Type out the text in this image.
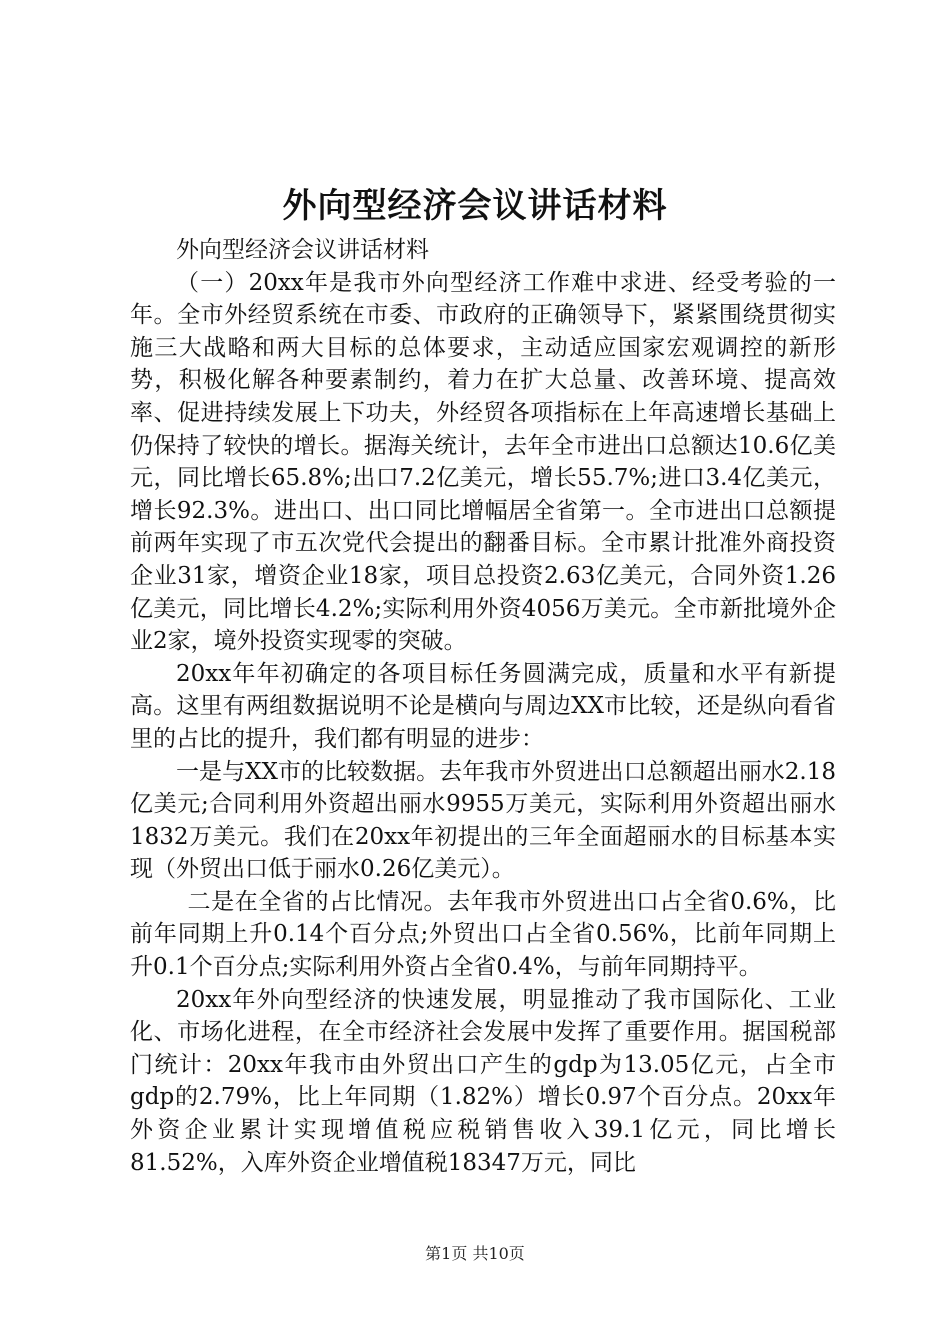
外向型经济会议讲话材料

外向型经济会议讲话材料

（一）20xx年是我市外向型经济工作难中求进、经受考验的一年。全市外经贸系统在市委、市政府的正确领导下，紧紧围绕贯彻实施三大战略和两大目标的总体要求，主动适应国家宏观调控的新形势，积极化解各种要素制约，着力在扩大总量、改善环境、提高效率、促进持续发展上下功夫，外经贸各项指标在上年高速增长基础上仍保持了较快的增长。据海关统计，去年全市进出口总额达10.6亿美元，同比增长65.8%;出口7.2亿美元，增长55.7%;进口3.4亿美元，增长92.3%。进出口、出口同比增幅居全省第一。全市进出口总额提前两年实现了市五次党代会提出的翻番目标。全市累计批准外商投资企业31家，增资企业18家，项目总投资2.63亿美元，合同外资1.26亿美元，同比增长4.2%;实际利用外资4056万美元。全市新批境外企业2家，境外投资实现零的突破。

20xx年年初确定的各项目标任务圆满完成，质量和水平有新提高。这里有两组数据说明不论是横向与周边XX市比较，还是纵向看省里的占比的提升，我们都有明显的进步：

一是与XX市的比较数据。去年我市外贸进出口总额超出丽水2.18亿美元;合同利用外资超出丽水9955万美元，实际利用外资超出丽水1832万美元。我们在20xx年初提出的三年全面超丽水的目标基本实现（外贸出口低于丽水0.26亿美元）。

二是在全省的占比情况。去年我市外贸进出口占全省0.6%，比前年同期上升0.14个百分点;外贸出口占全省0.56%，比前年同期上升0.1个百分点;实际利用外资占全省0.4%，与前年同期持平。

20xx年外向型经济的快速发展，明显推动了我市国际化、工业化、市场化进程，在全市经济社会发展中发挥了重要作用。据国税部门统计：20xx年我市由外贸出口产生的gdp为13.05亿元，占全市gdp的2.79%，比上年同期（1.82%）增长0.97个百分点。20xx年外资企业累计实现增值税应税销售收入39.1亿元，同比增长81.52%，入库外资企业增值税18347万元，同比

第1页 共10页
